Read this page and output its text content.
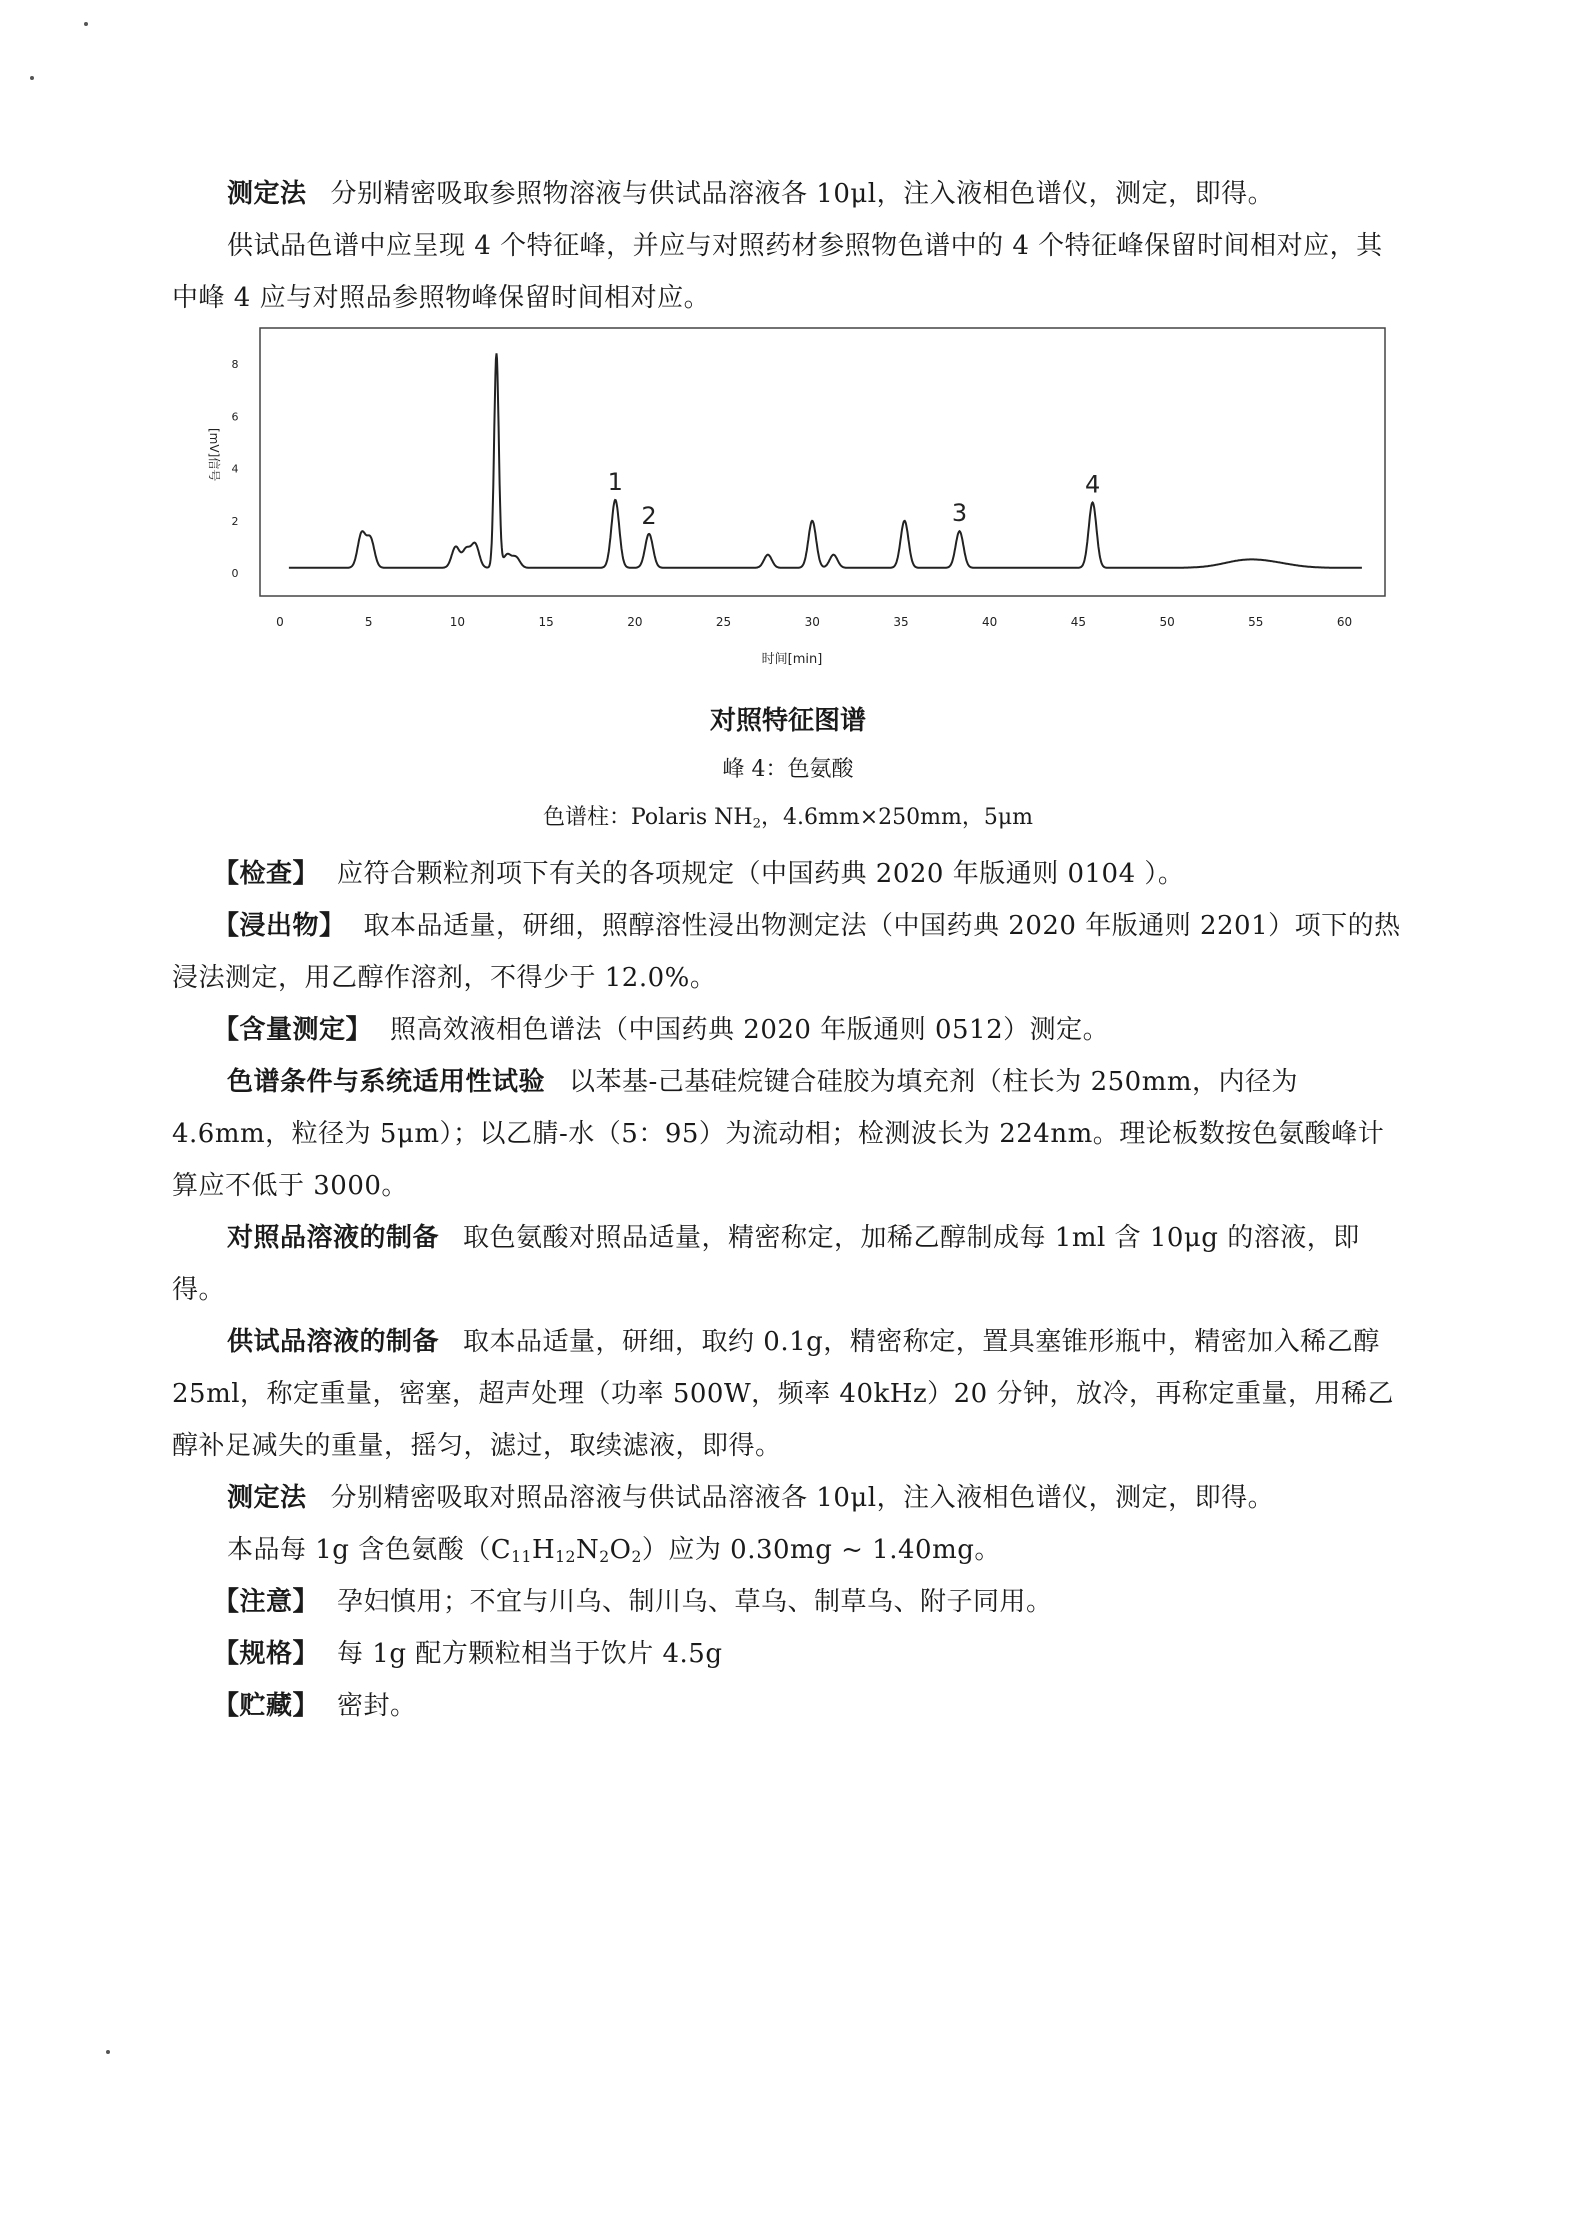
测定法 分别精密吸取参照物溶液与供试品溶液各 10μl，注入液相色谱仪，测定，即得。

供试品色谱中应呈现 4 个特征峰，并应与对照药材参照物色谱中的 4 个特征峰保留时间相对应，其中峰 4 应与对照品参照物峰保留时间相对应。

0
2
4
6
8
0	5	10	15	20	25	30	35	40	45	50	55	60
1
2	3
4
[mV]信号
时间[min]

对照特征图谱

峰 4：色氨酸

色谱柱：Polaris $NH_2$，4.6mm×250mm，5μm

【检查】 应符合颗粒剂项下有关的各项规定（中国药典 2020 年版通则 0104 ）。

【浸出物】 取本品适量，研细，照醇溶性浸出物测定法（中国药典 2020 年版通则 2201）项下的热浸法测定，用乙醇作溶剂，不得少于 12.0%。

【含量测定】 照高效液相色谱法（中国药典 2020 年版通则 0512）测定。

色谱条件与系统适用性试验 以苯基-己基硅烷键合硅胶为填充剂（柱长为 250mm，内径为 4.6mm，粒径为 5μm）；以乙腈-水（5：95）为流动相；检测波长为 224nm。理论板数按色氨酸峰计算应不低于 3000。

对照品溶液的制备 取色氨酸对照品适量，精密称定，加稀乙醇制成每 1ml 含 10μg 的溶液，即得。

供试品溶液的制备 取本品适量，研细，取约 0.1g，精密称定，置具塞锥形瓶中，精密加入稀乙醇 25ml，称定重量，密塞，超声处理（功率 500W，频率 40kHz）20 分钟，放冷，再称定重量，用稀乙醇补足减失的重量，摇匀，滤过，取续滤液，即得。

测定法 分别精密吸取对照品溶液与供试品溶液各 10μl，注入液相色谱仪，测定，即得。

本品每 1g 含色氨酸$(C_{11}H_{12}N_2O_2)$应为 0.30mg ~ 1.40mg。

【注意】 孕妇慎用；不宜与川乌、制川乌、草乌、制草乌、附子同用。

【规格】 每 1g 配方颗粒相当于饮片 4.5g

【贮藏】 密封。
